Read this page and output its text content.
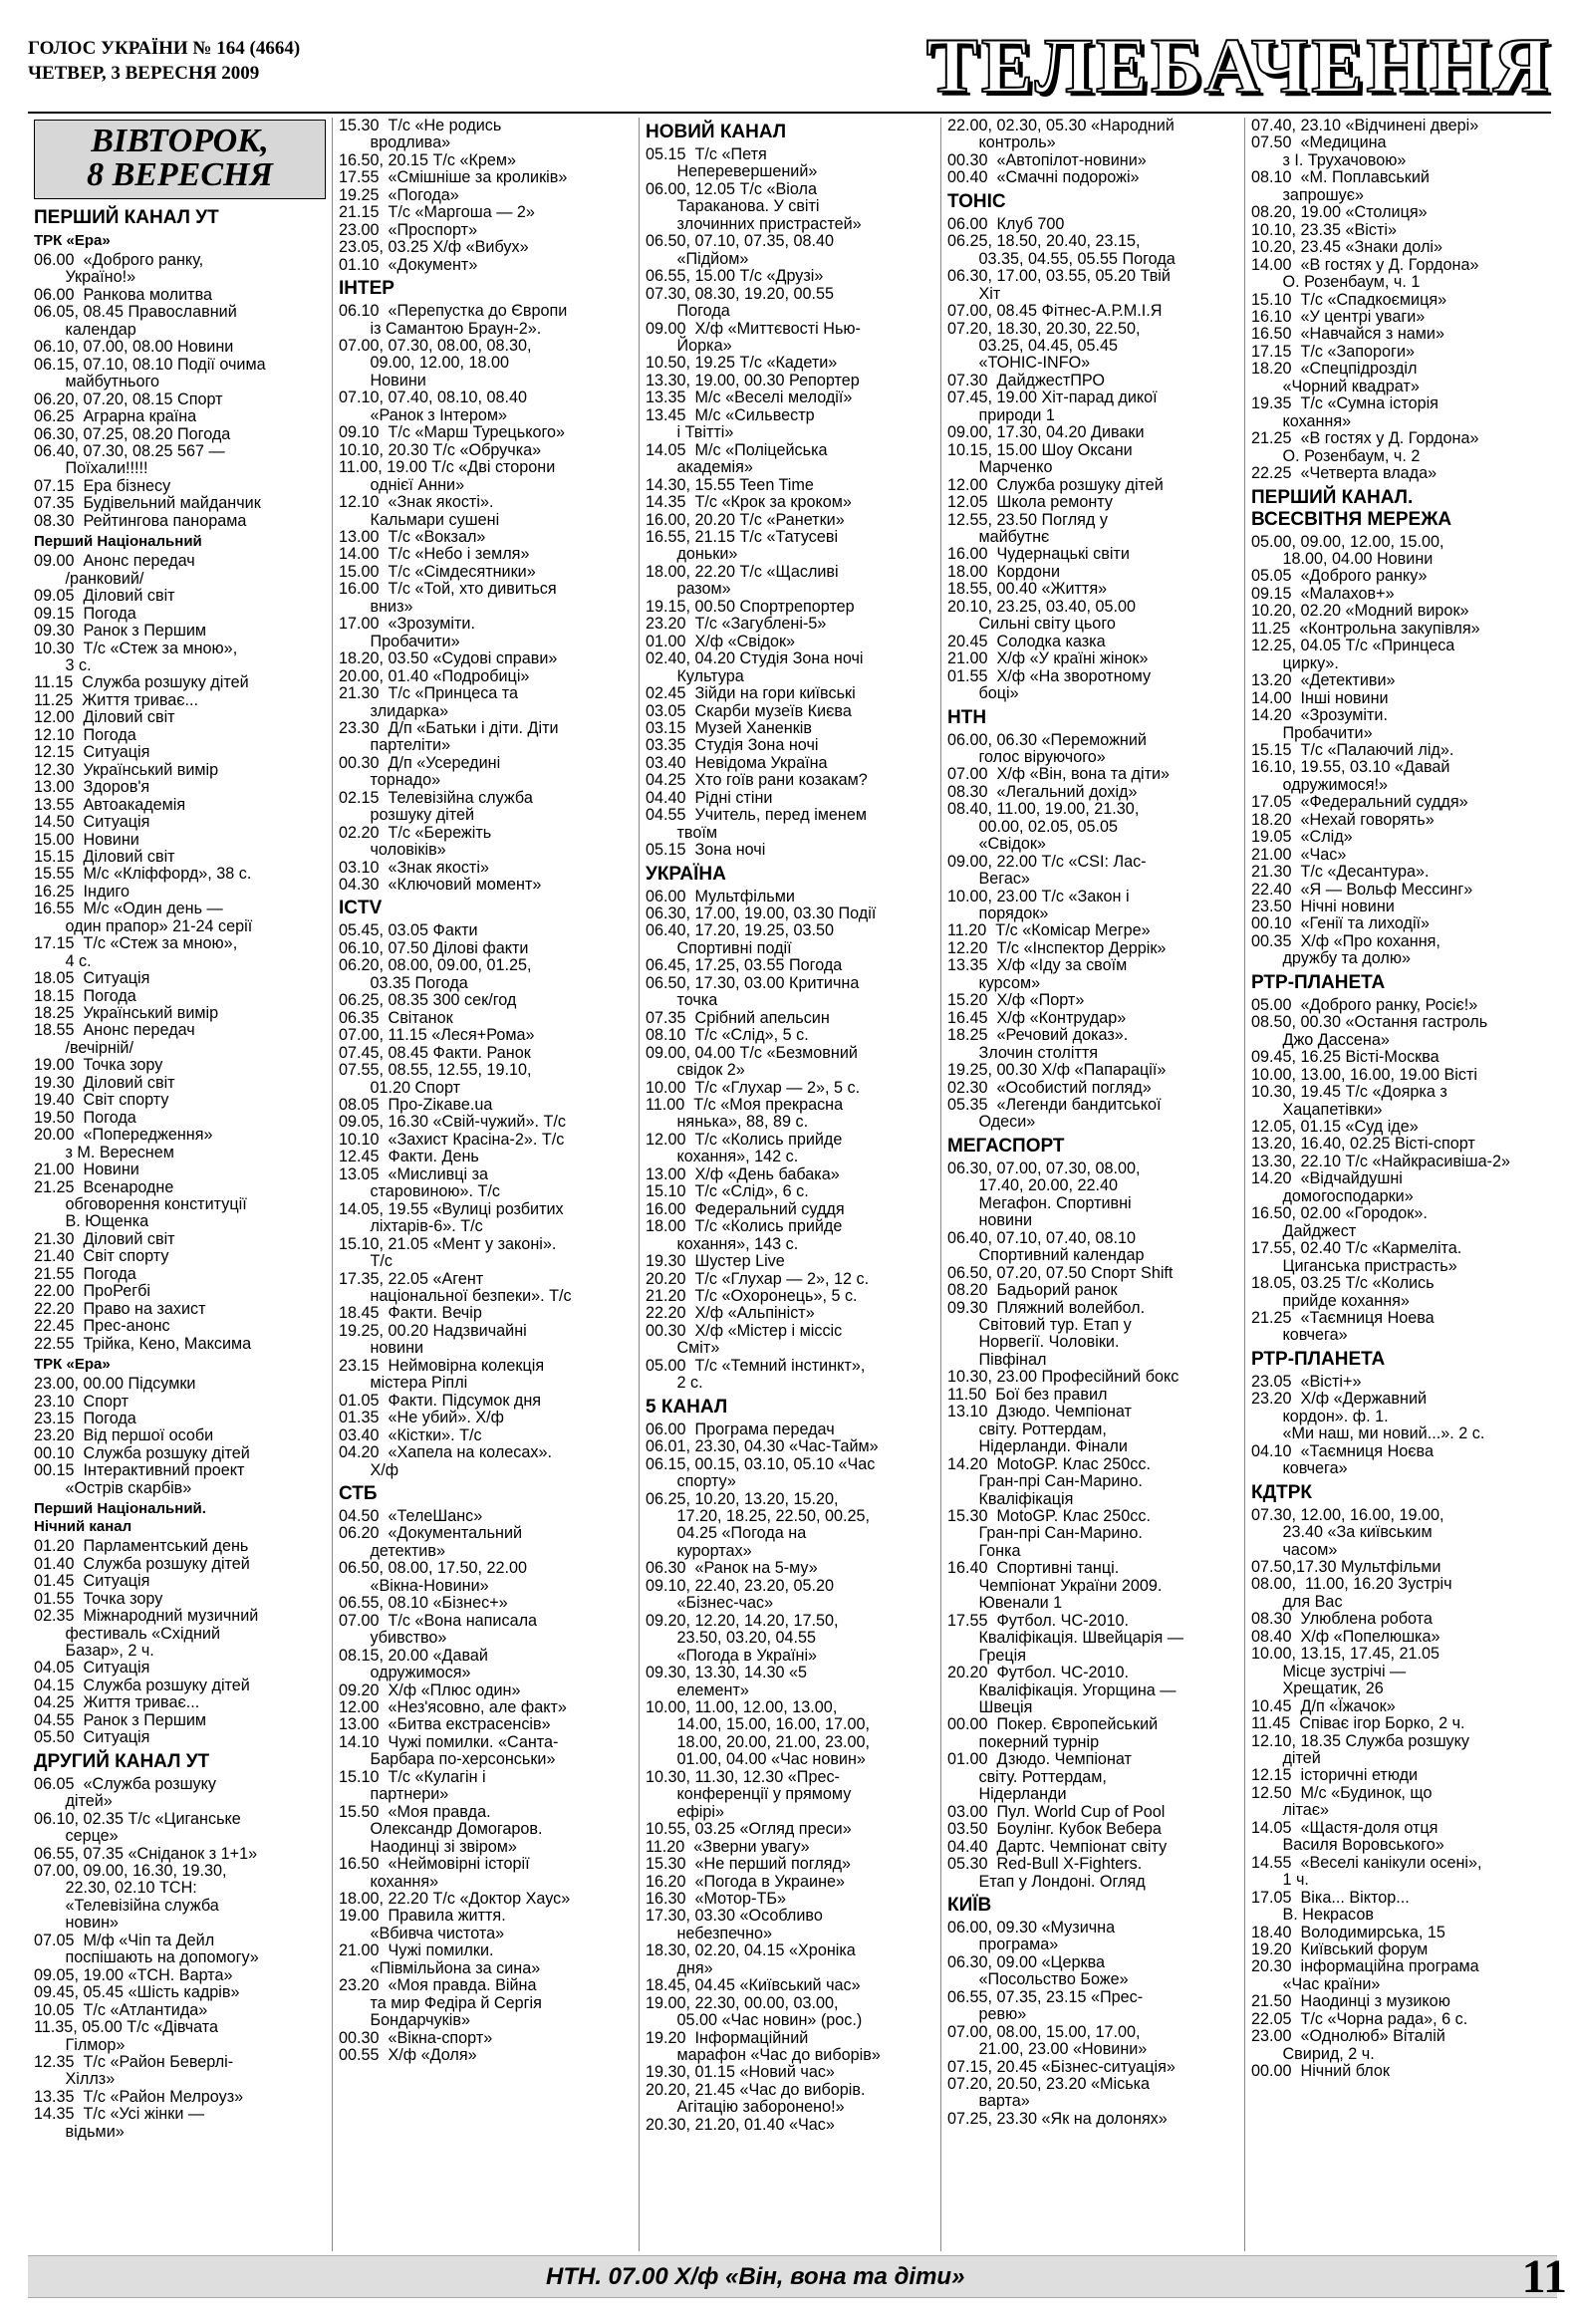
ГОЛОС УКРАЇНИ № 164 (4664)
ЧЕТВЕР, 3 ВЕРЕСНЯ 2009	ТЕЛЕБАЧЕННЯ
ВІВТОРОК,
8 ВЕРЕСНЯ
ПЕРШИЙ КАНАЛ УТ
ТРК «Ера»
06.00  «Доброго ранку,
Україно!»
06.00  Ранкова молитва
06.05, 08.45 Православний
календар
06.10, 07.00, 08.00 Новини
06.15, 07.10, 08.10 Події очима
майбутнього
06.20, 07.20, 08.15 Спорт
06.25  Аграрна країна
06.30, 07.25, 08.20 Погода
06.40, 07.30, 08.25 567 —
Поїхали!!!!!
07.15  Ера бізнесу
07.35  Будівельний майданчик
08.30  Рейтингова панорама
Перший Національний
09.00  Анонс передач
/ранковий/
09.05  Діловий світ
09.15  Погода
09.30  Ранок з Першим
10.30  Т/с «Стеж за мною»,
3 с.
11.15  Служба розшуку дітей
11.25  Життя триває...
12.00  Діловий світ
12.10  Погода
12.15  Ситуація
12.30  Український вимір
13.00  Здоров'я
13.55  Автоакадемія
14.50  Ситуація
15.00  Новини
15.15  Діловий світ
15.55  М/с «Кліффорд», 38 с.
16.25  Індиго
16.55  М/с «Один день —
один прапор» 21-24 серії
17.15  Т/с «Стеж за мною»,
4 с.
18.05  Ситуація
18.15  Погода
18.25  Український вимір
18.55  Анонс передач
/вечірній/
19.00  Точка зору
19.30  Діловий світ
19.40  Світ спорту
19.50  Погода
20.00  «Попередження»
з М. Вереснем
21.00  Новини
21.25  Всенародне
обговорення конституції
В. Ющенка
21.30  Діловий світ
21.40  Світ спорту
21.55  Погода
22.00  ПроРегбі
22.20  Право на захист
22.45  Прес-анонс
22.55  Трійка, Кено, Максима
ТРК «Ера»
23.00, 00.00 Підсумки
23.10  Спорт
23.15  Погода
23.20  Від першої особи
00.10  Служба розшуку дітей
00.15  Інтерактивний проект
«Острів скарбів»
Перший Національний.
Нічний канал
01.20  Парламентський день
01.40  Служба розшуку дітей
01.45  Ситуація
01.55  Точка зору
02.35  Міжнародний музичний
фестиваль «Східний
Базар», 2 ч.
04.05  Ситуація
04.15  Служба розшуку дітей
04.25  Життя триває...
04.55  Ранок з Першим
05.50  Ситуація
ДРУГИЙ КАНАЛ УТ
06.05  «Служба розшуку
дітей»
06.10, 02.35 Т/с «Циганське
серце»
06.55, 07.35 «Сніданок з 1+1»
07.00, 09.00, 16.30, 19.30,
22.30, 02.10 ТСН:
«Телевізійна служба
новин»
07.05  М/ф «Чіп та Дейл
поспішають на допомогу»
09.05, 19.00 «ТСН. Варта»
09.45, 05.45 «Шість кадрів»
10.05  Т/с «Атлантида»
11.35, 05.00 Т/с «Дівчата
Гілмор»
12.35  Т/с «Район Беверлі-
Хіллз»
13.35  Т/с «Район Мелроуз»
14.35  Т/с «Усі жінки —
відьми»
15.30  Т/с «Не родись
вродлива»
16.50, 20.15 Т/с «Крем»
17.55  «Смішніше за кроликів»
19.25  «Погода»
21.15  Т/с «Маргоша — 2»
23.00  «Проспорт»
23.05, 03.25 Х/ф «Вибух»
01.10  «Документ»
ІНТЕР
06.10  «Перепустка до Європи
із Самантою Браун-2».
07.00, 07.30, 08.00, 08.30,
09.00, 12.00, 18.00
Новини
07.10, 07.40, 08.10, 08.40
«Ранок з Інтером»
09.10  Т/с «Марш Турецького»
10.10, 20.30 Т/с «Обручка»
11.00, 19.00 Т/с «Дві сторони
однієї Анни»
12.10  «Знак якості».
Кальмари сушені
13.00  Т/с «Вокзал»
14.00  Т/с «Небо і земля»
15.00  Т/с «Сімдесятники»
16.00  Т/с «Той, хто дивиться
вниз»
17.00  «Зрозуміти.
Пробачити»
18.20, 03.50 «Судові справи»
20.00, 01.40 «Подробиці»
21.30  Т/с «Принцеса та
злидарка»
23.30  Д/п «Батьки і діти. Діти
партеліти»
00.30  Д/п «Усередині
торнадо»
02.15  Телевізійна служба
розшуку дітей
02.20  Т/с «Бережіть
чоловіків»
03.10  «Знак якості»
04.30  «Ключовий момент»
ICTV
05.45, 03.05 Факти
06.10, 07.50 Ділові факти
06.20, 08.00, 09.00, 01.25,
03.35 Погода
06.25, 08.35 300 сек/год
06.35  Світанок
07.00, 11.15 «Леся+Рома»
07.45, 08.45 Факти. Ранок
07.55, 08.55, 12.55, 19.10,
01.20 Спорт
08.05  Про-Zікаве.ua
09.05, 16.30 «Свій-чужий». Т/с
10.10  «Захист Красіна-2». Т/с
12.45  Факти. День
13.05  «Мисливці за
старовиною». Т/с
14.05, 19.55 «Вулиці розбитих
ліхтарів-6». Т/с
15.10, 21.05 «Мент у законі».
Т/с
17.35, 22.05 «Агент
національної безпеки». Т/с
18.45  Факти. Вечір
19.25, 00.20 Надзвичайні
новини
23.15  Неймовірна колекція
містера Ріплі
01.05  Факти. Підсумок дня
01.35  «Не убий». Х/ф
03.40  «Кістки». Т/с
04.20  «Хапела на колесах».
Х/ф
СТБ
04.50  «ТелеШанс»
06.20  «Документальний
детектив»
06.50, 08.00, 17.50, 22.00
«Вікна-Новини»
06.55, 08.10 «Бізнес+»
07.00  Т/с «Вона написала
убивство»
08.15, 20.00 «Давай
одружимося»
09.20  Х/ф «Плюс один»
12.00  «Нез'ясовно, але факт»
13.00  «Битва екстрасенсів»
14.10  Чужі помилки. «Санта-
Барбара по-херсонськи»
15.10  Т/с «Кулагін і
партнери»
15.50  «Моя правда.
Олександр Домогаров.
Наодинці зі звіром»
16.50  «Неймовірні історії
кохання»
18.00, 22.20 Т/с «Доктор Хаус»
19.00  Правила життя.
«Вбивча чистота»
21.00  Чужі помилки.
«Півмільйона за сина»
23.20  «Моя правда. Війна
та мир Федіра й Сергія
Бондарчуків»
00.30  «Вікна-спорт»
00.55  Х/ф «Доля»
НОВИЙ КАНАЛ
05.15  Т/с «Петя
Неперевершений»
06.00, 12.05 Т/с «Віола
Тараканова. У світі
злочинних пристрастей»
06.50, 07.10, 07.35, 08.40
«Підйом»
06.55, 15.00 Т/с «Друзі»
07.30, 08.30, 19.20, 00.55
Погода
09.00  Х/ф «Миттєвості Нью-
Йорка»
10.50, 19.25 Т/с «Кадети»
13.30, 19.00, 00.30 Репортер
13.35  М/с «Веселі мелодії»
13.45  М/с «Сильвестр
і Твітті»
14.05  М/с «Поліцейська
академія»
14.30, 15.55 Teen Time
14.35  Т/с «Крок за кроком»
16.00, 20.20 Т/с «Ранетки»
16.55, 21.15 Т/с «Татусеві
доньки»
18.00, 22.20 Т/с «Щасливі
разом»
19.15, 00.50 Спортрепортер
23.20  Т/с «Загублені-5»
01.00  Х/ф «Свідок»
02.40, 04.20 Студія Зона ночі
Культура
02.45  Зійди на гори київські
03.05  Скарби музеїв Києва
03.15  Музей Ханенків
03.35  Студія Зона ночі
03.40  Невідома Україна
04.25  Хто гоїв рани козакам?
04.40  Рідні стіни
04.55  Учитель, перед іменем
твоїм
05.15  Зона ночі
УКРАЇНА
06.00  Мультфільми
06.30, 17.00, 19.00, 03.30 Події
06.40, 17.20, 19.25, 03.50
Спортивні події
06.45, 17.25, 03.55 Погода
06.50, 17.30, 03.00 Критична
точка
07.35  Срібний апельсин
08.10  Т/с «Слід», 5 с.
09.00, 04.00 Т/с «Безмовний
свідок 2»
10.00  Т/с «Глухар — 2», 5 с.
11.00  Т/с «Моя прекрасна
нянька», 88, 89 с.
12.00  Т/с «Колись прийде
кохання», 142 с.
13.00  Х/ф «День бабака»
15.10  Т/с «Слід», 6 с.
16.00  Федеральний суддя
18.00  Т/с «Колись прийде
кохання», 143 с.
19.30  Шустер Live
20.20  Т/с «Глухар — 2», 12 с.
21.20  Т/с «Охоронець», 5 с.
22.20  Х/ф «Альпініст»
00.30  Х/ф «Містер і міссіс
Сміт»
05.00  Т/с «Темний інстинкт»,
2 с.
5 КАНАЛ
06.00  Програма передач
06.01, 23.30, 04.30 «Час-Тайм»
06.15, 00.15, 03.10, 05.10 «Час
спорту»
06.25, 10.20, 13.20, 15.20,
17.20, 18.25, 22.50, 00.25,
04.25 «Погода на
курортах»
06.30  «Ранок на 5-му»
09.10, 22.40, 23.20, 05.20
«Бізнес-час»
09.20, 12.20, 14.20, 17.50,
23.50, 03.20, 04.55
«Погода в Україні»
09.30, 13.30, 14.30 «5
елемент»
10.00, 11.00, 12.00, 13.00,
14.00, 15.00, 16.00, 17.00,
18.00, 20.00, 21.00, 23.00,
01.00, 04.00 «Час новин»
10.30, 11.30, 12.30 «Прес-
конференції у прямому
ефірі»
10.55, 03.25 «Огляд преси»
11.20  «Зверни увагу»
15.30  «Не перший погляд»
16.20  «Погода в Украине»
16.30  «Мотор-ТБ»
17.30, 03.30 «Особливо
небезпечно»
18.30, 02.20, 04.15 «Хроніка
дня»
18.45, 04.45 «Київський час»
19.00, 22.30, 00.00, 03.00,
05.00 «Час новин» (рос.)
19.20  Інформаційний
марафон «Час до виборів»
19.30, 01.15 «Новий час»
20.20, 21.45 «Час до виборів.
Агітацію заборонено!»
20.30, 21.20, 01.40 «Час»
22.00, 02.30, 05.30 «Народний
контроль»
00.30  «Автопілот-новини»
00.40  «Смачні подорожі»
ТОНІС
06.00  Клуб 700
06.25, 18.50, 20.40, 23.15,
03.35, 04.55, 05.55 Погода
06.30, 17.00, 03.55, 05.20 Твій
Хіт
07.00, 08.45 Фітнес-А.Р.М.І.Я
07.20, 18.30, 20.30, 22.50,
03.25, 04.45, 05.45
«ТОНІС-INFO»
07.30  ДайджестПРО
07.45, 19.00 Хіт-парад дикої
природи 1
09.00, 17.30, 04.20 Диваки
10.15, 15.00 Шоу Оксани
Марченко
12.00  Служба розшуку дітей
12.05  Школа ремонту
12.55, 23.50 Погляд у
майбутнє
16.00  Чудернацькі світи
18.00  Кордони
18.55, 00.40 «Життя»
20.10, 23.25, 03.40, 05.00
Сильні світу цього
20.45  Солодка казка
21.00  Х/ф «У країні жінок»
01.55  Х/ф «На зворотному
боці»
НТН
06.00, 06.30 «Переможний
голос віруючого»
07.00  Х/ф «Він, вона та діти»
08.30  «Легальний дохід»
08.40, 11.00, 19.00, 21.30,
00.00, 02.05, 05.05
«Свідок»
09.00, 22.00 Т/с «CSI: Лас-
Вегас»
10.00, 23.00 Т/с «Закон і
порядок»
11.20  Т/с «Комісар Мегре»
12.20  Т/с «Інспектор Деррік»
13.35  Х/ф «Іду за своїм
курсом»
15.20  Х/ф «Порт»
16.45  Х/ф «Контрудар»
18.25  «Речовий доказ».
Злочин століття
19.25, 00.30 Х/ф «Папарації»
02.30  «Особистий погляд»
05.35  «Легенди бандитської
Одеси»
МЕГАСПОРТ
06.30, 07.00, 07.30, 08.00,
17.40, 20.00, 22.40
Мегафон. Спортивні
новини
06.40, 07.10, 07.40, 08.10
Спортивний календар
06.50, 07.20, 07.50 Спорт Shift
08.20  Бадьорий ранок
09.30  Пляжний волейбол.
Світовий тур. Етап у
Норвегії. Чоловіки.
Півфінал
10.30, 23.00 Професійний бокс
11.50  Бої без правил
13.10  Дзюдо. Чемпіонат
світу. Роттердам,
Нідерланди. Фінали
14.20  MotoGP. Клас 250cc.
Гран-прі Сан-Марино.
Кваліфікація
15.30  MotoGP. Клас 250cc.
Гран-прі Сан-Марино.
Гонка
16.40  Спортивні танці.
Чемпіонат України 2009.
Ювенали 1
17.55  Футбол. ЧС-2010.
Кваліфікація. Швейцарія —
Греція
20.20  Футбол. ЧС-2010.
Кваліфікація. Угорщина —
Швеція
00.00  Покер. Європейський
покерний турнір
01.00  Дзюдо. Чемпіонат
світу. Роттердам,
Нідерланди
03.00  Пул. World Cup of Pool
03.50  Боулінг. Кубок Вебера
04.40  Дартс. Чемпіонат світу
05.30  Red-Bull X-Fighters.
Етап у Лондоні. Огляд
КИЇВ
06.00, 09.30 «Музична
програма»
06.30, 09.00 «Церква
«Посольство Боже»
06.55, 07.35, 23.15 «Прес-
ревю»
07.00, 08.00, 15.00, 17.00,
21.00, 23.00 «Новини»
07.15, 20.45 «Бізнес-ситуація»
07.20, 20.50, 23.20 «Міська
варта»
07.25, 23.30 «Як на долонях»
07.40, 23.10 «Відчинені двері»
07.50  «Медицина
з І. Трухачовою»
08.10  «М. Поплавський
запрошує»
08.20, 19.00 «Столиця»
10.10, 23.35 «Вісті»
10.20, 23.45 «Знаки долі»
14.00  «В гостях у Д. Гордона»
О. Розенбаум, ч. 1
15.10  Т/с «Спадкоємиця»
16.10  «У центрі уваги»
16.50  «Навчайся з нами»
17.15  Т/с «Запороги»
18.20  «Спецпідрозділ
«Чорний квадрат»
19.35  Т/с «Сумна історія
кохання»
21.25  «В гостях у Д. Гордона»
О. Розенбаум, ч. 2
22.25  «Четверта влада»
ПЕРШИЙ КАНАЛ.
ВСЕСВІТНЯ МЕРЕЖА
05.00, 09.00, 12.00, 15.00,
18.00, 04.00 Новини
05.05  «Доброго ранку»
09.15  «Малахов+»
10.20, 02.20 «Модний вирок»
11.25  «Контрольна закупівля»
12.25, 04.05 Т/с «Принцеса
цирку».
13.20  «Детективи»
14.00  Інші новини
14.20  «Зрозуміти.
Пробачити»
15.15  Т/с «Палаючий лід».
16.10, 19.55, 03.10 «Давай
одружимося!»
17.05  «Федеральний суддя»
18.20  «Нехай говорять»
19.05  «Слід»
21.00  «Час»
21.30  Т/с «Десантура».
22.40  «Я — Вольф Мессинг»
23.50  Нічні новини
00.10  «Генії та лиходії»
00.35  Х/ф «Про кохання,
дружбу та долю»
РТР-ПЛАНЕТА
05.00  «Доброго ранку, Росіє!»
08.50, 00.30 «Остання гастроль
Джо Дассена»
09.45, 16.25 Вісті-Москва
10.00, 13.00, 16.00, 19.00 Вісті
10.30, 19.45 Т/с «Доярка з
Хацапетівки»
12.05, 01.15 «Суд іде»
13.20, 16.40, 02.25 Вісті-спорт
13.30, 22.10 Т/с «Найкрасивіша-2»
14.20  «Відчайдушні
домогосподарки»
16.50, 02.00 «Городок».
Дайджест
17.55, 02.40 Т/с «Кармеліта.
Циганська пристрасть»
18.05, 03.25 Т/с «Колись
прийде кохання»
21.25  «Таємниця Ноева
ковчега»
РТР-ПЛАНЕТА
23.05  «Вісті+»
23.20  Х/ф «Державний
кордон». ф. 1.
«Ми наш, ми новий...». 2 с.
04.10  «Таємниця Ноєва
ковчега»
КДТРК
07.30, 12.00, 16.00, 19.00,
23.40 «За київським
часом»
07.50,17.30 Мультфільми
08.00,  11.00, 16.20 Зустріч
для Вас
08.30  Улюблена робота
08.40  Х/ф «Попелюшка»
10.00, 13.15, 17.45, 21.05
Місце зустрічі —
Хрещатик, 26
10.45  Д/п «Їжачок»
11.45  Співає ігор Борко, 2 ч.
12.10, 18.35 Служба розшуку
дітей
12.15  історичні етюди
12.50  М/с «Будинок, що
літає»
14.05  «Щастя-доля отця
Василя Воровського»
14.55  «Веселі канікули осені»,
1 ч.
17.05  Віка... Віктор...
В. Некрасов
18.40  Володимирська, 15
19.20  Київський форум
20.30  інформаційна програма
«Час країни»
21.50  Наодинці з музикою
22.05  Т/с «Чорна рада», 6 с.
23.00  «Однолюб» Віталій
Свирид, 2 ч.
00.00  Нічний блок
НТН. 07.00 Х/ф «Він, вона та діти»	11
